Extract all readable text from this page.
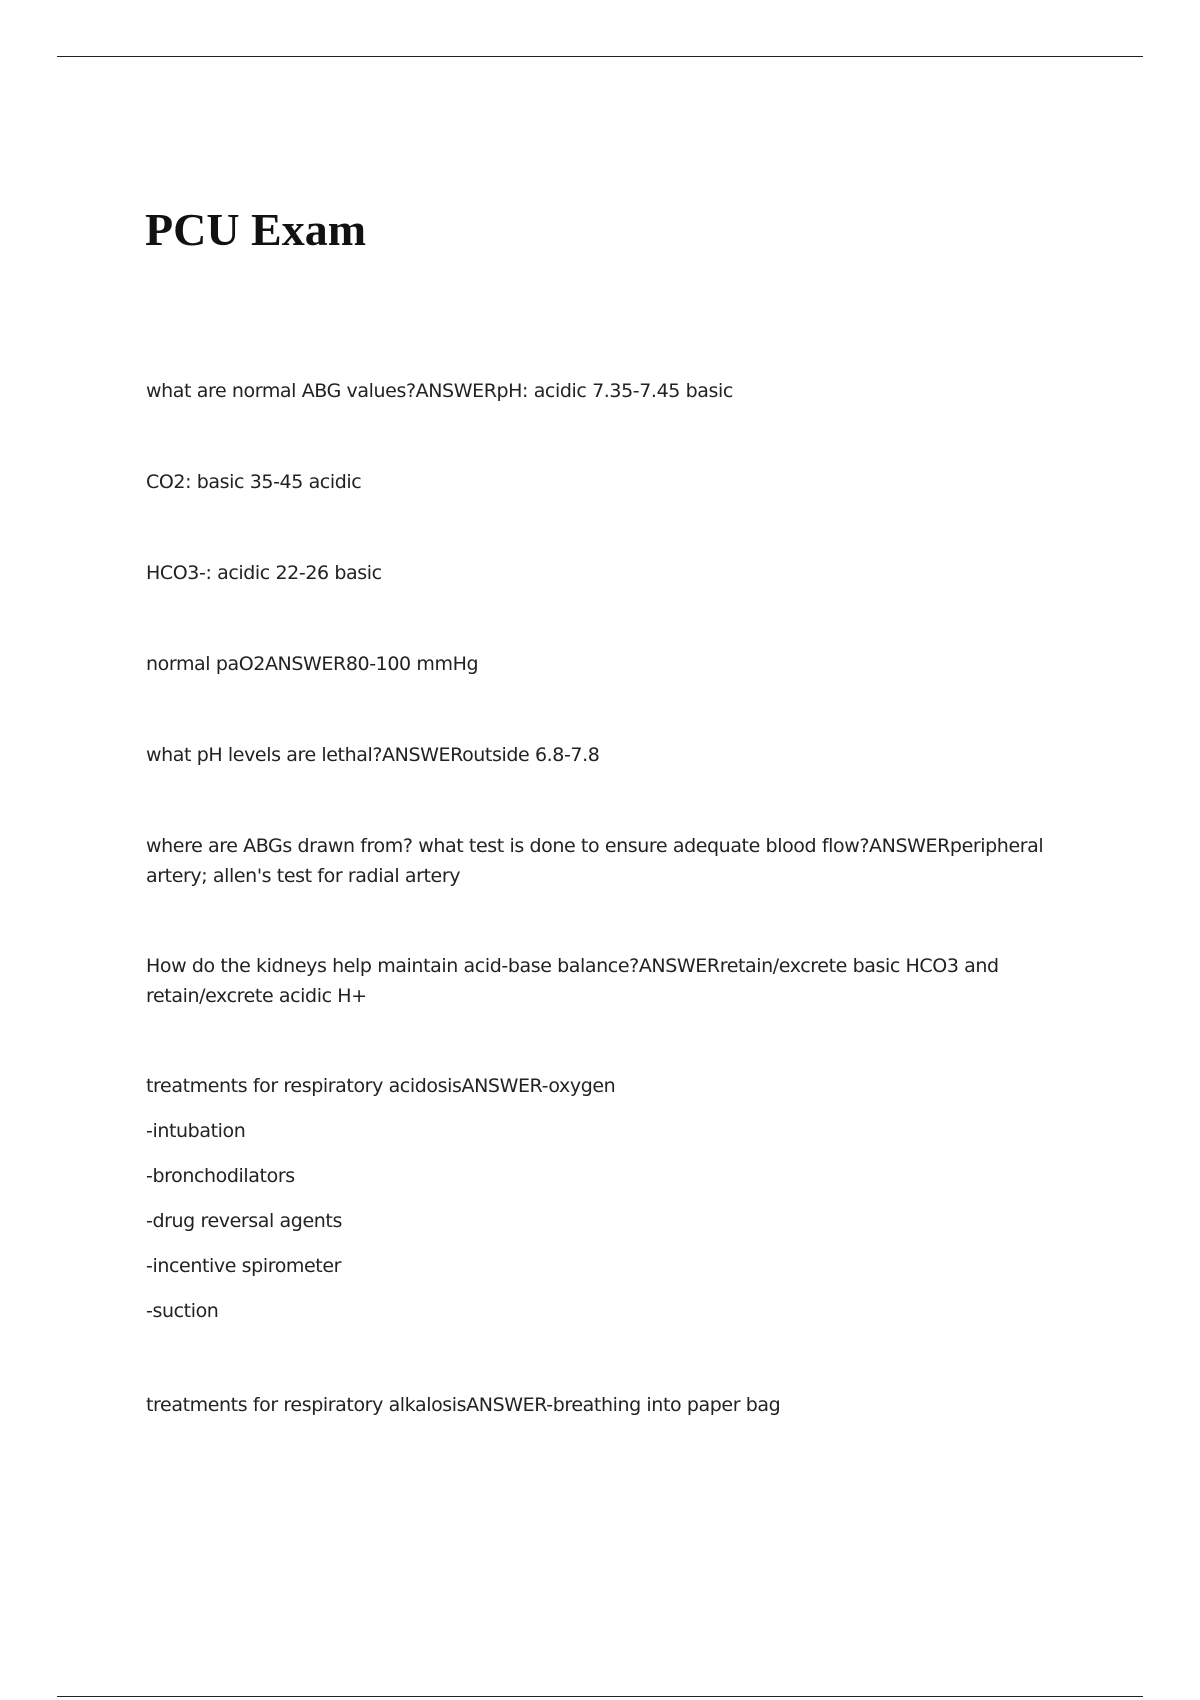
PCU Exam

what are normal ABG values?ANSWERpH: acidic 7.35-7.45 basic

CO2: basic 35-45 acidic

HCO3-: acidic 22-26 basic

normal paO2ANSWER80-100 mmHg

what pH levels are lethal?ANSWERoutside 6.8-7.8

where are ABGs drawn from? what test is done to ensure adequate blood flow?ANSWERperipheral artery; allen's test for radial artery

How do the kidneys help maintain acid-base balance?ANSWERretain/excrete basic HCO3 and retain/excrete acidic H+

treatments for respiratory acidosisANSWER-oxygen

-intubation

-bronchodilators

-drug reversal agents

-incentive spirometer

-suction

treatments for respiratory alkalosisANSWER-breathing into paper bag
